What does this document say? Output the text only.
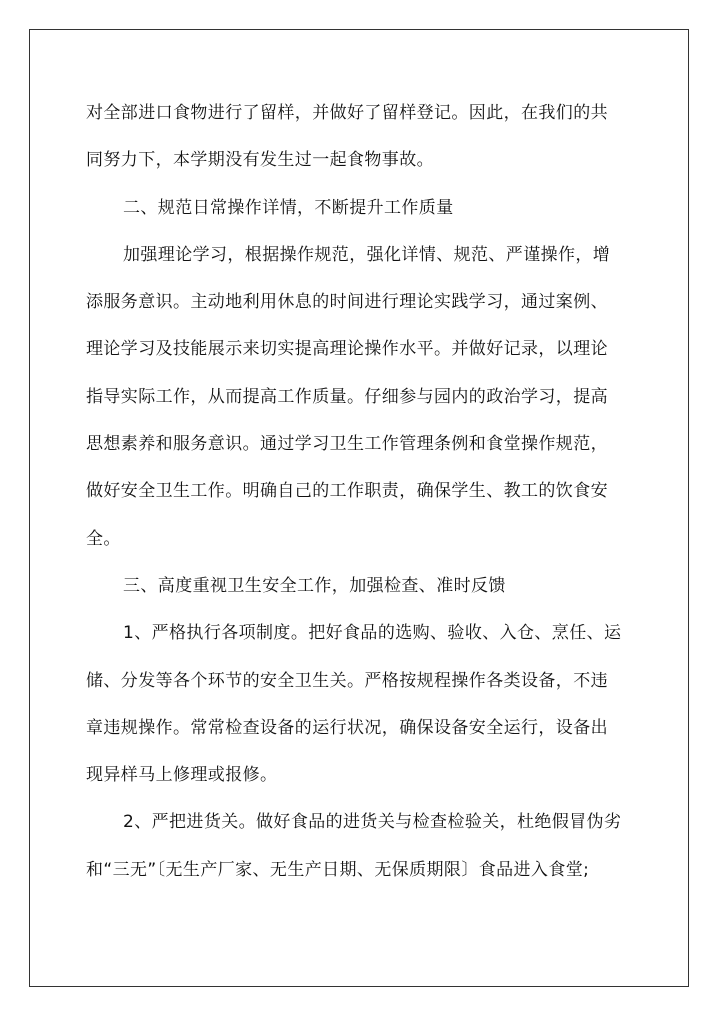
对全部进口食物进行了留样，并做好了留样登记。因此，在我们的共
同努力下，本学期没有发生过一起食物事故。
二、规范日常操作详情，不断提升工作质量
加强理论学习，根据操作规范，强化详情、规范、严谨操作，增
添服务意识。主动地利用休息的时间进行理论实践学习，通过案例、
理论学习及技能展示来切实提高理论操作水平。并做好记录，以理论
指导实际工作，从而提高工作质量。仔细参与园内的政治学习，提高
思想素养和服务意识。通过学习卫生工作管理条例和食堂操作规范，
做好安全卫生工作。明确自己的工作职责，确保学生、教工的饮食安
全。
三、高度重视卫生安全工作，加强检查、准时反馈
1、严格执行各项制度。把好食品的选购、验收、入仓、烹任、运
储、分发等各个环节的安全卫生关。严格按规程操作各类设备，不违
章违规操作。常常检查设备的运行状况，确保设备安全运行，设备出
现异样马上修理或报修。
2、严把进货关。做好食品的进货关与检查检验关，杜绝假冒伪劣
和“三无”〔无生产厂家、无生产日期、无保质期限〕食品进入食堂;
